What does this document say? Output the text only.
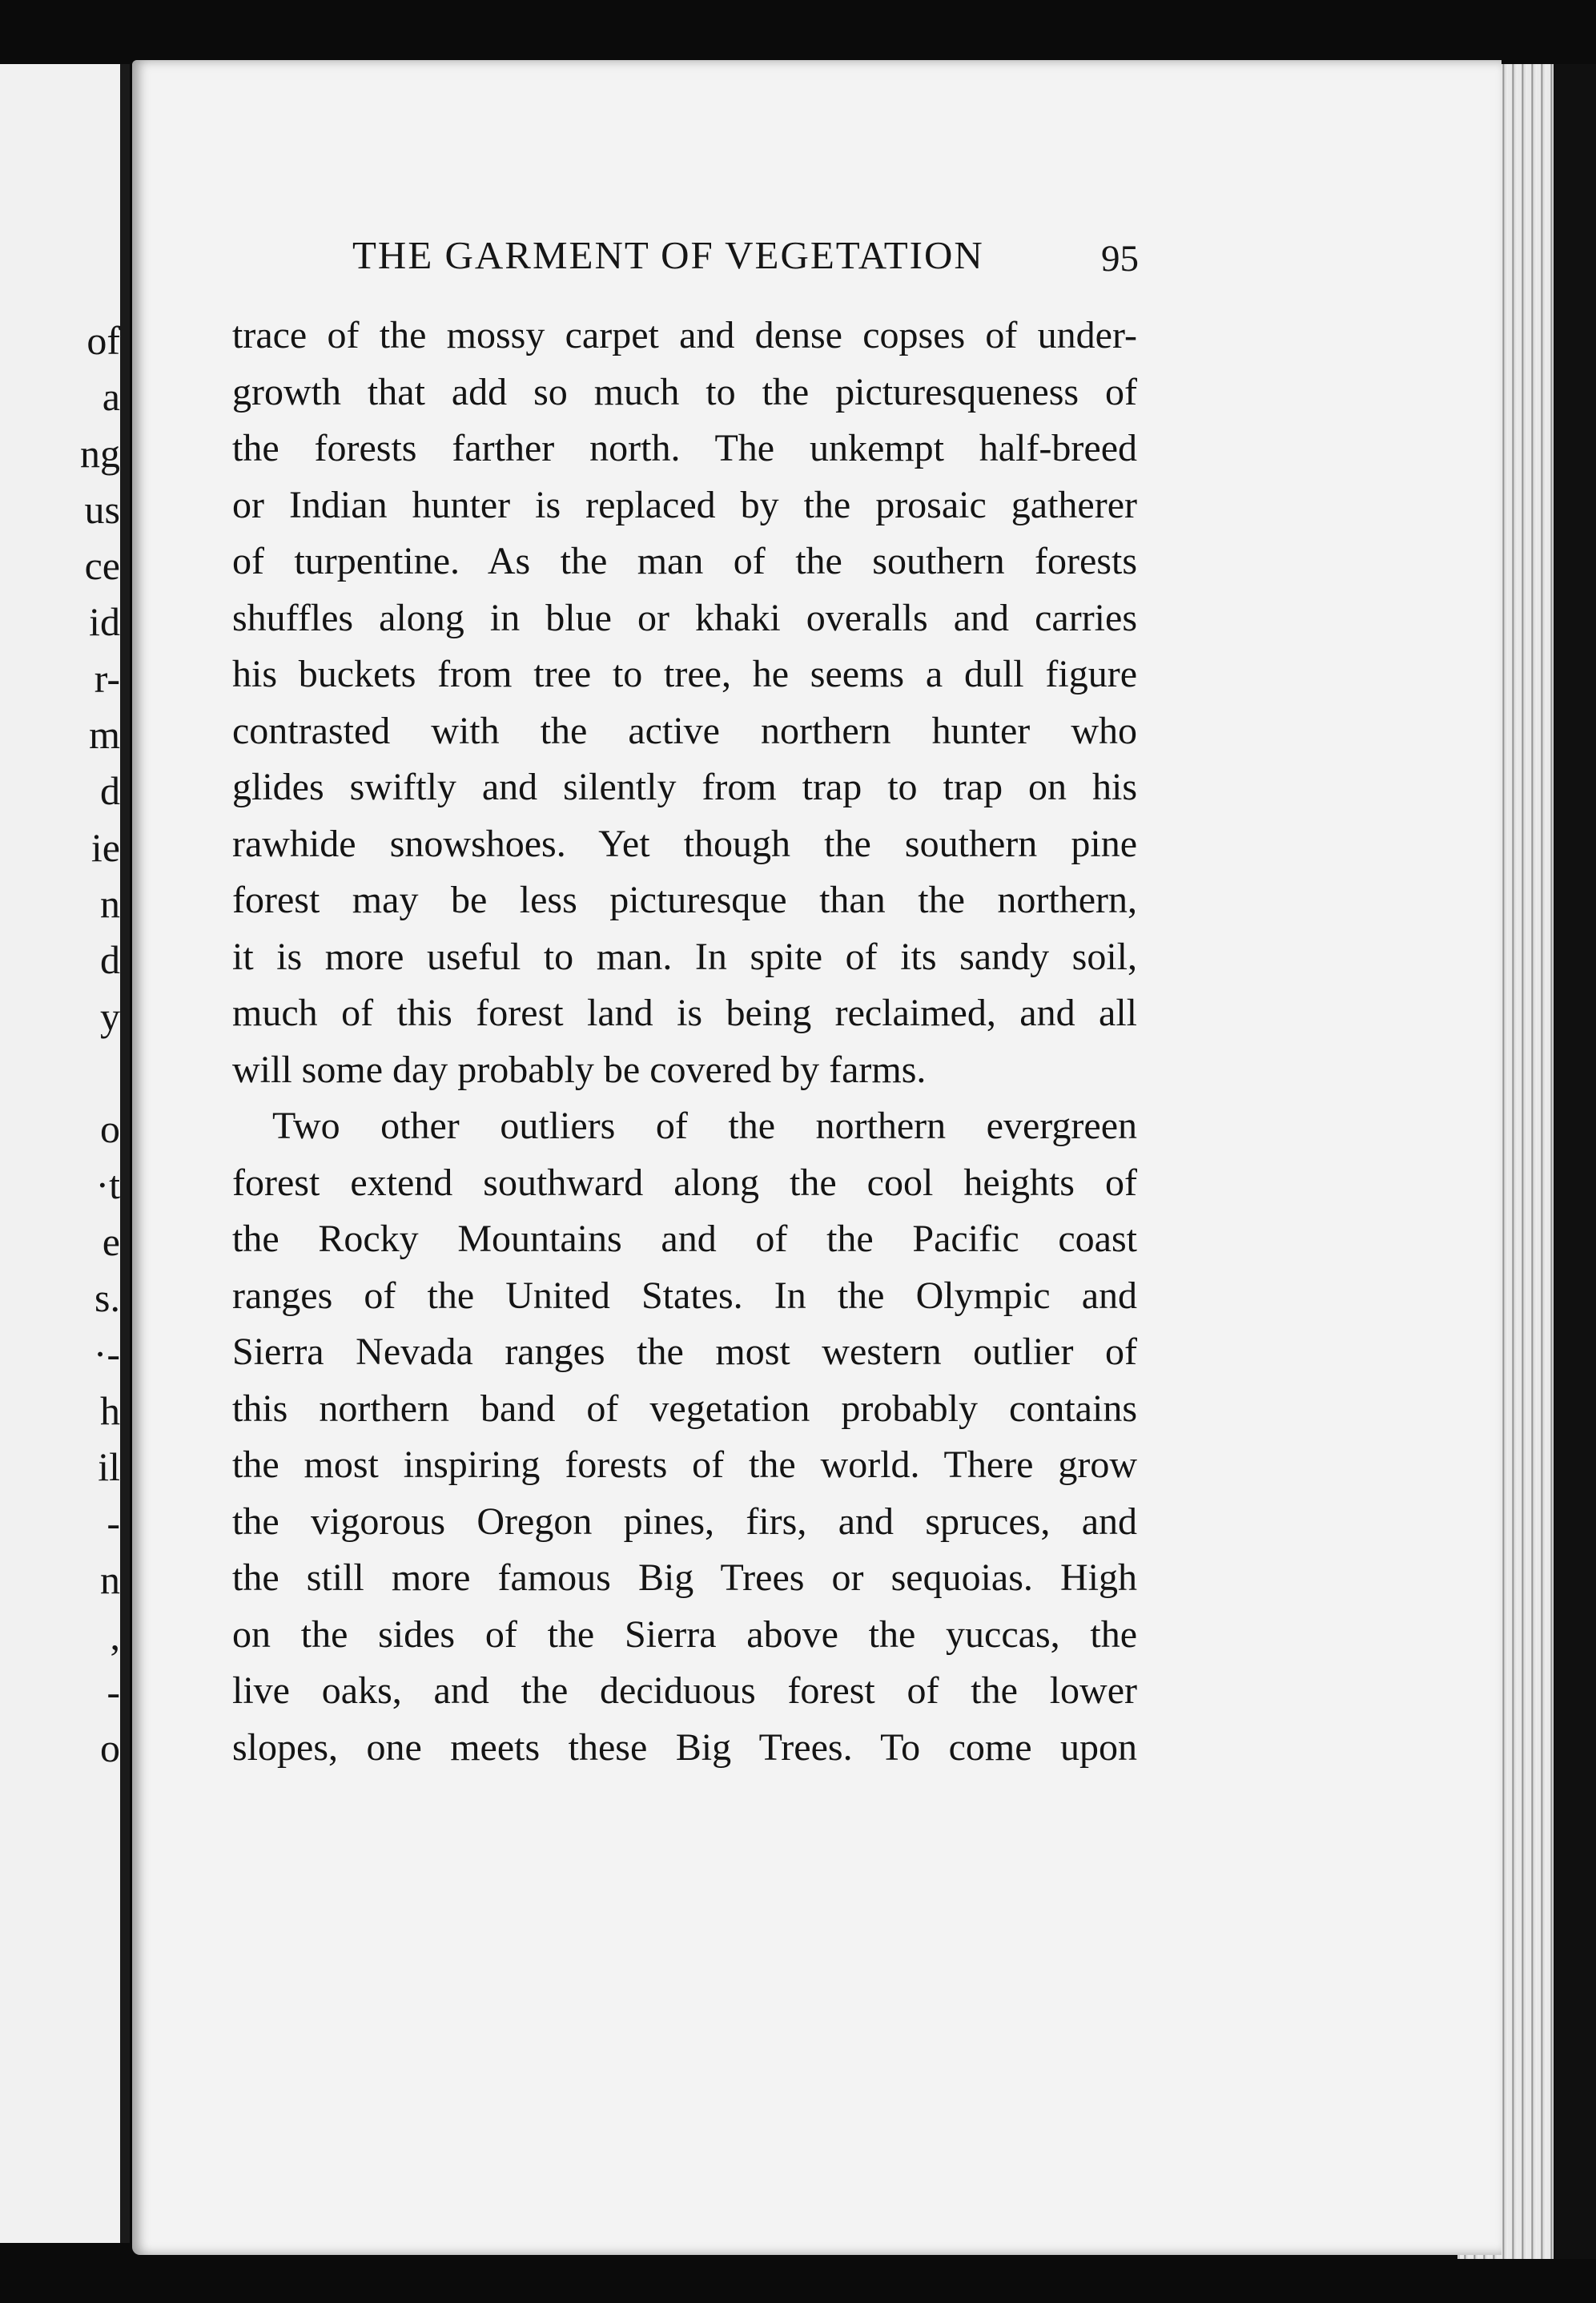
of
a
ng
us
ce
id
r-
m
d
ie
n
d
y
o
·t
e
s.
·-
h
il
-
n
,
-
o
THE GARMENT OF VEGETATION	95
trace of the mossy carpet and dense copses of under-
growth that add so much to the picturesqueness of
the forests farther north. The unkempt half-breed
or Indian hunter is replaced by the prosaic gatherer
of turpentine. As the man of the southern forests
shuffles along in blue or khaki overalls and carries
his buckets from tree to tree, he seems a dull figure
contrasted with the active northern hunter who
glides swiftly and silently from trap to trap on his
rawhide snowshoes. Yet though the southern pine
forest may be less picturesque than the northern,
it is more useful to man. In spite of its sandy soil,
much of this forest land is being reclaimed, and all
will some day probably be covered by farms.
Two other outliers of the northern evergreen
forest extend southward along the cool heights of
the Rocky Mountains and of the Pacific coast
ranges of the United States. In the Olympic and
Sierra Nevada ranges the most western outlier of
this northern band of vegetation probably contains
the most inspiring forests of the world. There grow
the vigorous Oregon pines, firs, and spruces, and
the still more famous Big Trees or sequoias. High
on the sides of the Sierra above the yuccas, the
live oaks, and the deciduous forest of the lower
slopes, one meets these Big Trees. To come upon
